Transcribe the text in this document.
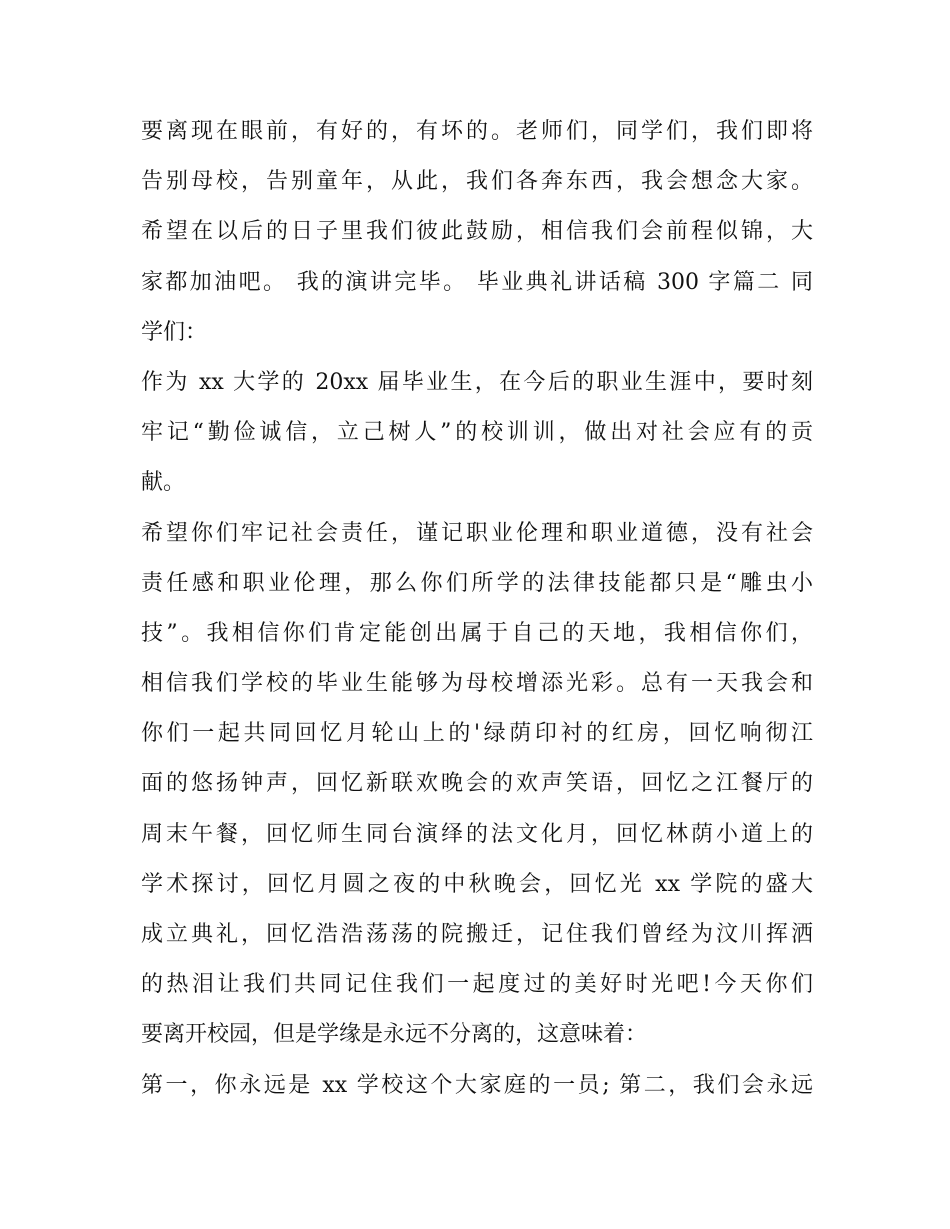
要离现在眼前，有好的，有坏的。老师们，同学们，我们即将
告别母校，告别童年，从此，我们各奔东西，我会想念大家。
希望在以后的日子里我们彼此鼓励，相信我们会前程似锦，大
家都加油吧。 我的演讲完毕。 毕业典礼讲话稿 300 字篇二 同
学们：
作为 xx 大学的 20xx 届毕业生，在今后的职业生涯中，要时刻
牢记“勤俭诚信，立己树人”的校训训，做出对社会应有的贡
献。
希望你们牢记社会责任，谨记职业伦理和职业道德，没有社会
责任感和职业伦理，那么你们所学的法律技能都只是“雕虫小
技”。我相信你们肯定能创出属于自己的天地，我相信你们，
相信我们学校的毕业生能够为母校增添光彩。总有一天我会和
你们一起共同回忆月轮山上的'绿荫印衬的红房，回忆响彻江
面的悠扬钟声，回忆新联欢晚会的欢声笑语，回忆之江餐厅的
周末午餐，回忆师生同台演绎的法文化月，回忆林荫小道上的
学术探讨，回忆月圆之夜的中秋晚会，回忆光 xx 学院的盛大
成立典礼，回忆浩浩荡荡的院搬迁，记住我们曾经为汶川挥洒
的热泪让我们共同记住我们一起度过的美好时光吧!今天你们
要离开校园，但是学缘是永远不分离的，这意味着：
第一，你永远是 xx 学校这个大家庭的一员; 第二，我们会永远
